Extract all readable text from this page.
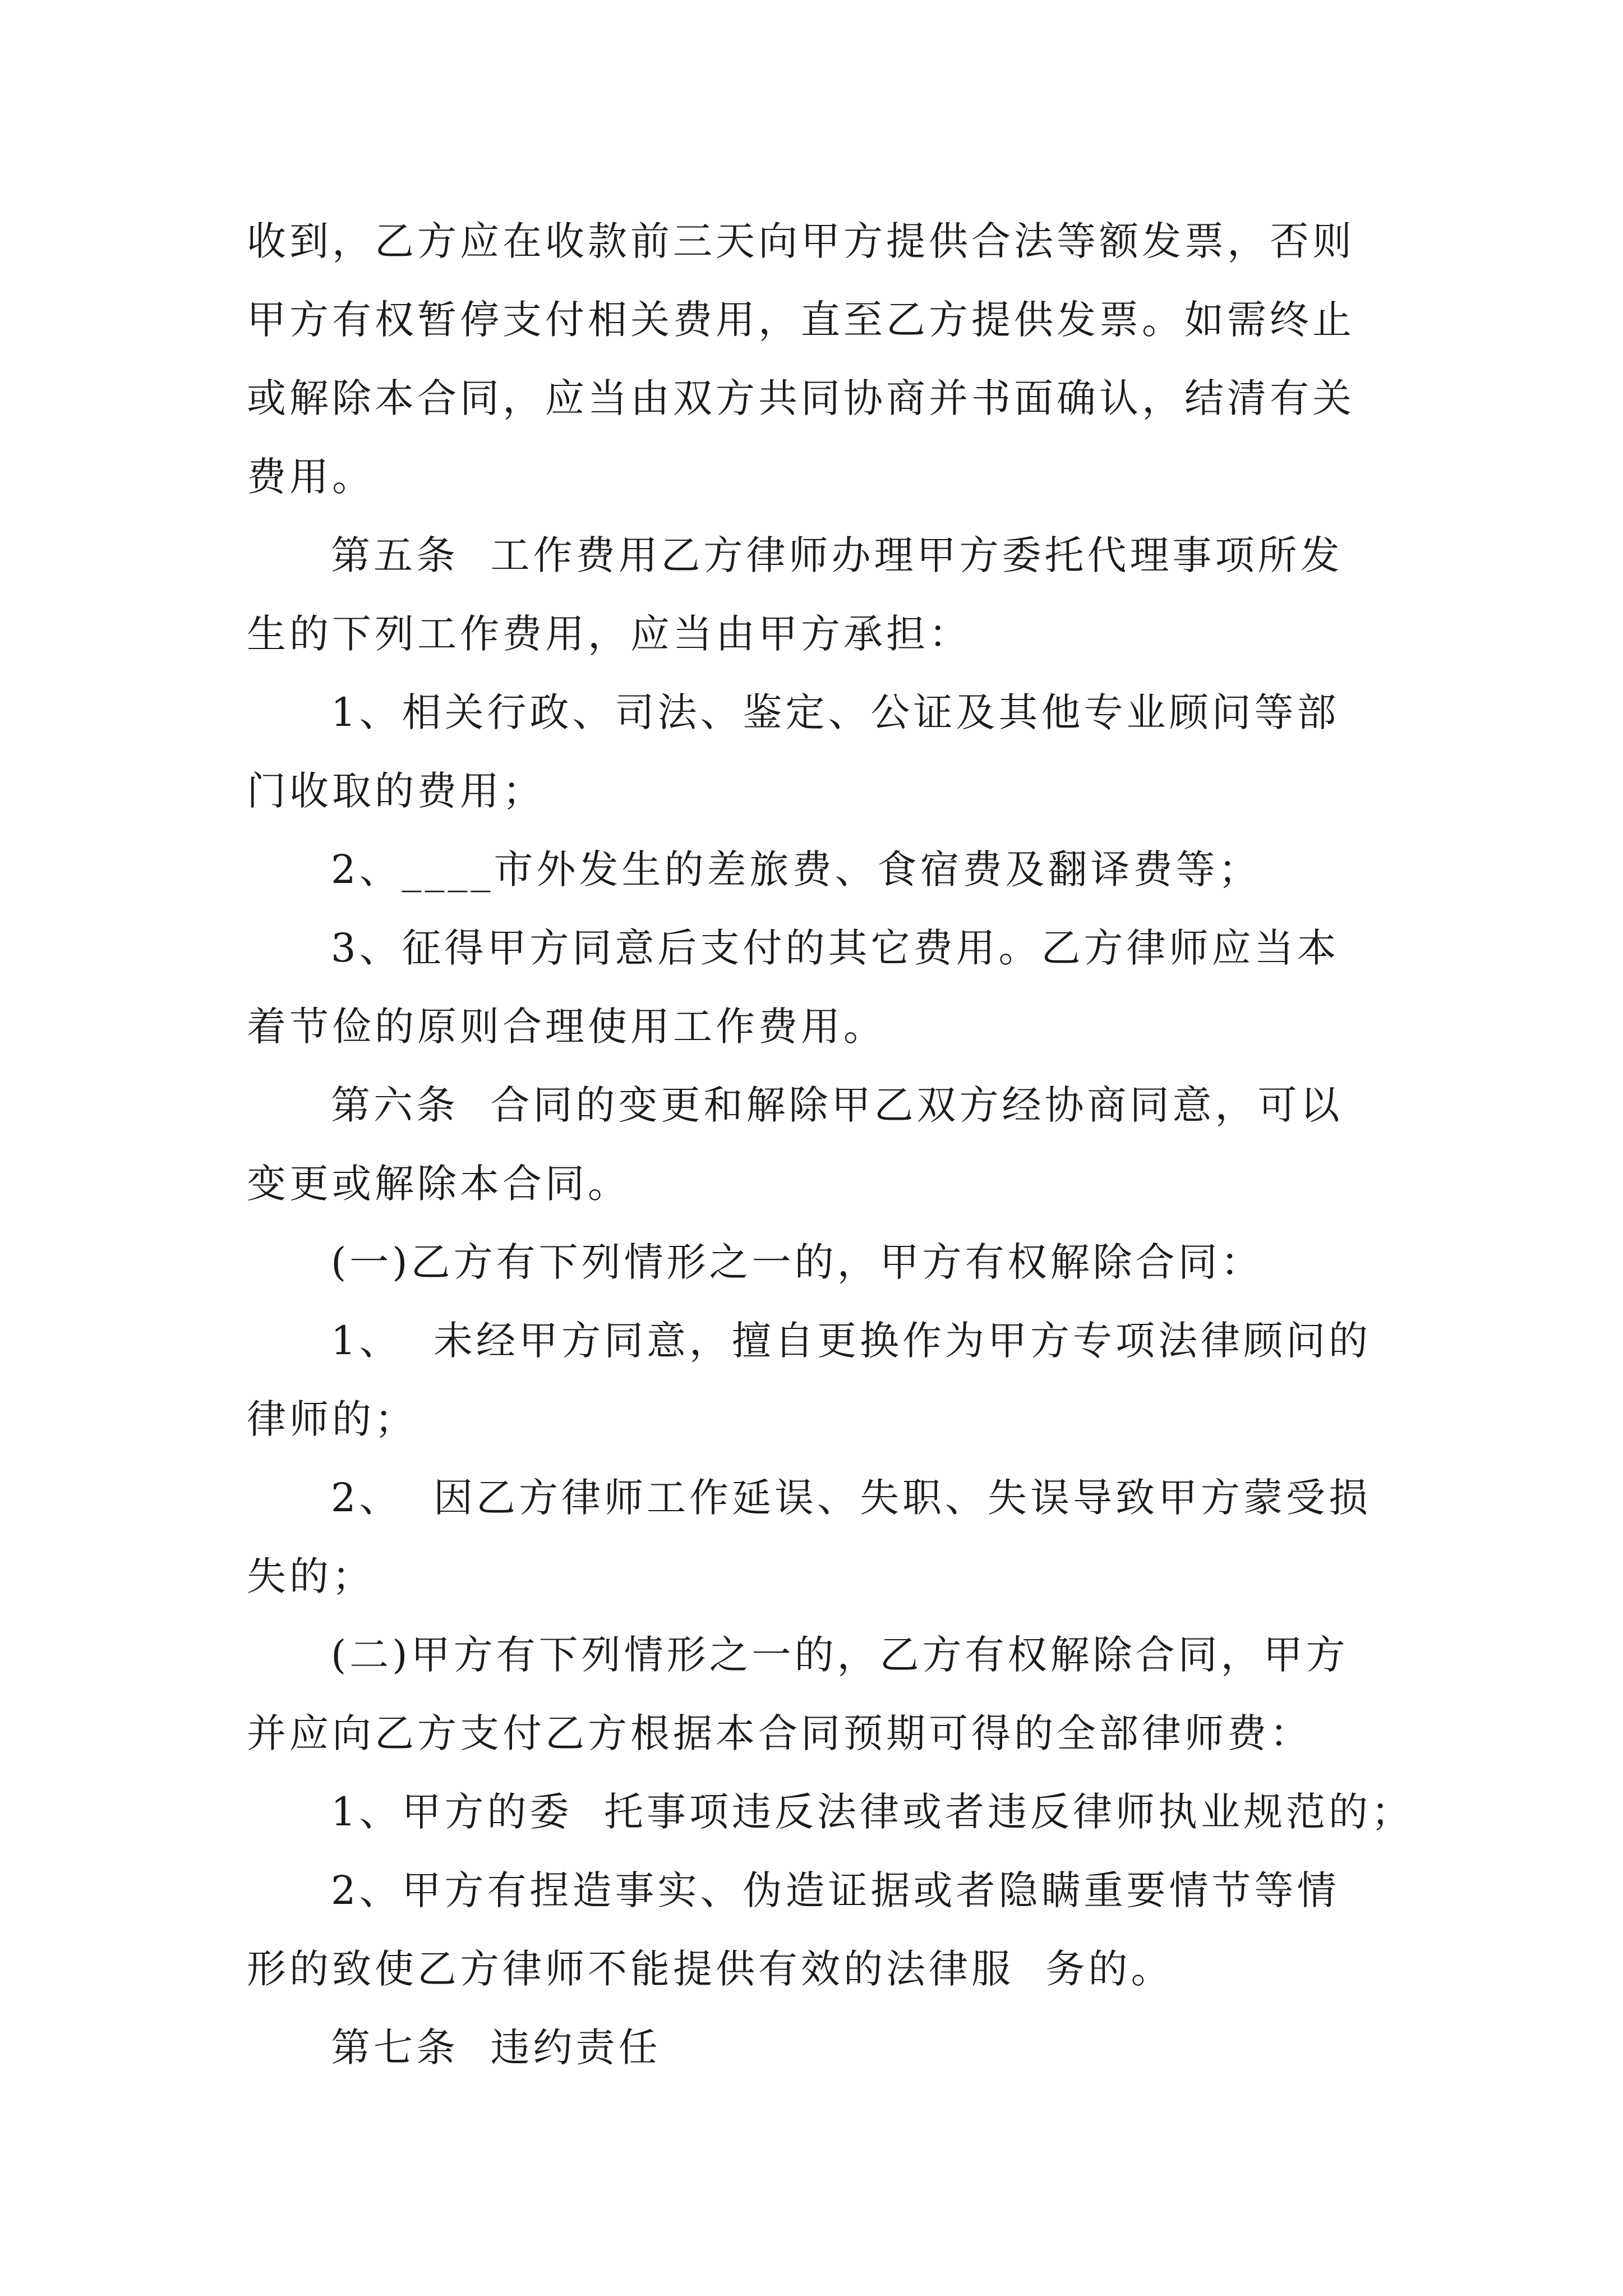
收到，乙方应在收款前三天向甲方提供合法等额发票，否则
甲方有权暂停支付相关费用，直至乙方提供发票。如需终止
或解除本合同，应当由双方共同协商并书面确认，结清有关
费用。
第五条  工作费用乙方律师办理甲方委托代理事项所发
生的下列工作费用，应当由甲方承担：
1、相关行政、司法、鉴定、公证及其他专业顾问等部
门收取的费用；
2、____市外发生的差旅费、食宿费及翻译费等；
3、征得甲方同意后支付的其它费用。乙方律师应当本
着节俭的原则合理使用工作费用。
第六条  合同的变更和解除甲乙双方经协商同意，可以
变更或解除本合同。
(一)乙方有下列情形之一的，甲方有权解除合同：
1、  未经甲方同意，擅自更换作为甲方专项法律顾问的
律师的；
2、  因乙方律师工作延误、失职、失误导致甲方蒙受损
失的；
(二)甲方有下列情形之一的，乙方有权解除合同，甲方
并应向乙方支付乙方根据本合同预期可得的全部律师费：
1、甲方的委  托事项违反法律或者违反律师执业规范的；
2、甲方有捏造事实、伪造证据或者隐瞒重要情节等情
形的致使乙方律师不能提供有效的法律服  务的。
第七条  违约责任
